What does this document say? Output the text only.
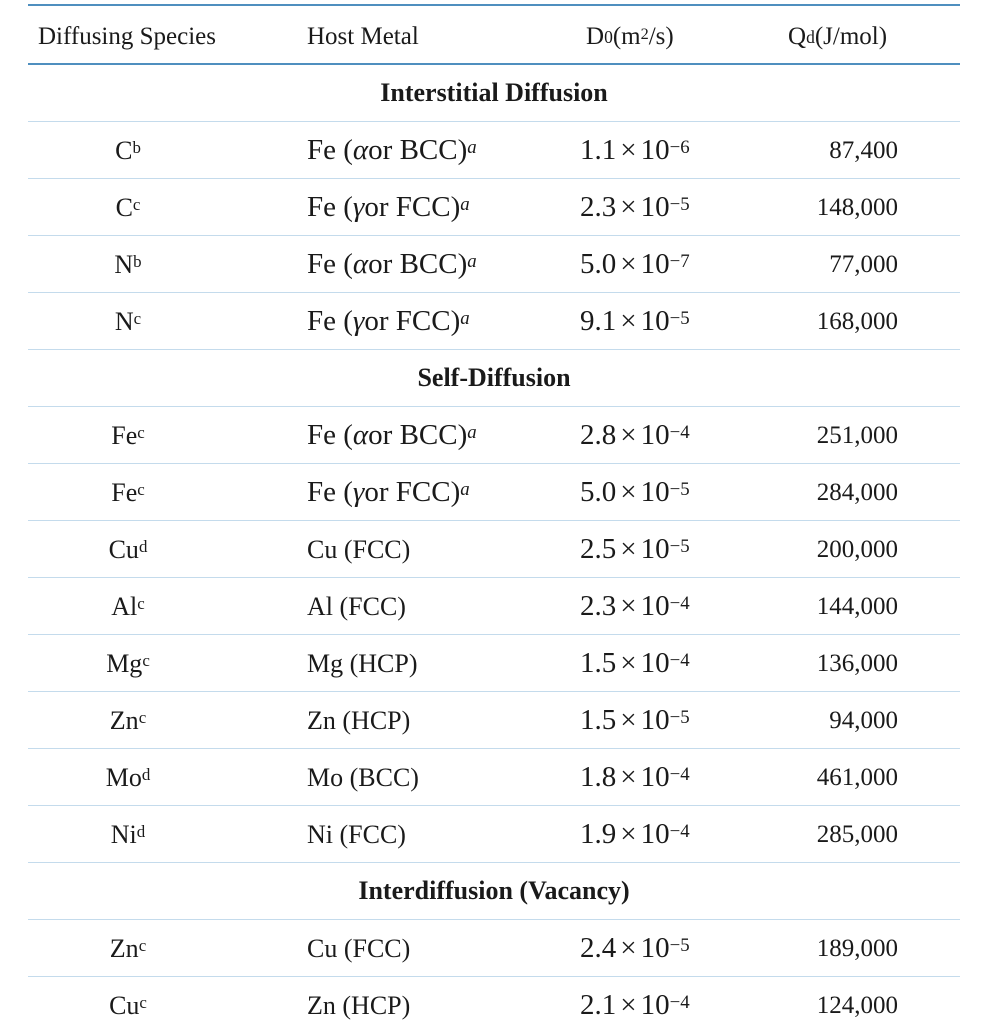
Diffusing Species	Host Metal	D 0 ($m^2$ /s)	Q d (J/mol)
Interstitial Diffusion
$C^b$	Fe ( α or BCC)$^a$	$1.1 \times 10^{-6}$	87,400
$C^c$	Fe ( γ or FCC)$^a$	$2.3 \times 10^{-5}$	148,000
$N^b$	Fe ( α or BCC)$^a$	$5.0 \times 10^{-7}$	77,000
$N^c$	Fe ( γ or FCC)$^a$	$9.1 \times 10^{-5}$	168,000
Self-Diffusion
Fe$^c$	Fe ( α or BCC)$^a$	$2.8 \times 10^{-4}$	251,000
Fe$^c$	Fe ( γ or FCC)$^a$	$5.0 \times 10^{-5}$	284,000
Cu$^d$	Cu (FCC)	$2.5 \times 10^{-5}$	200,000
Al$^c$	Al (FCC)	$2.3 \times 10^{-4}$	144,000
Mg$^c$	Mg (HCP)	$1.5 \times 10^{-4}$	136,000
Zn$^c$	Zn (HCP)	$1.5 \times 10^{-5}$	94,000
Mo$^d$	Mo (BCC)	$1.8 \times 10^{-4}$	461,000
Ni$^d$	Ni (FCC)	$1.9 \times 10^{-4}$	285,000
Interdiffusion (Vacancy)
Zn$^c$	Cu (FCC)	$2.4 \times 10^{-5}$	189,000
Cu$^c$	Zn (HCP)	$2.1 \times 10^{-4}$	124,000
